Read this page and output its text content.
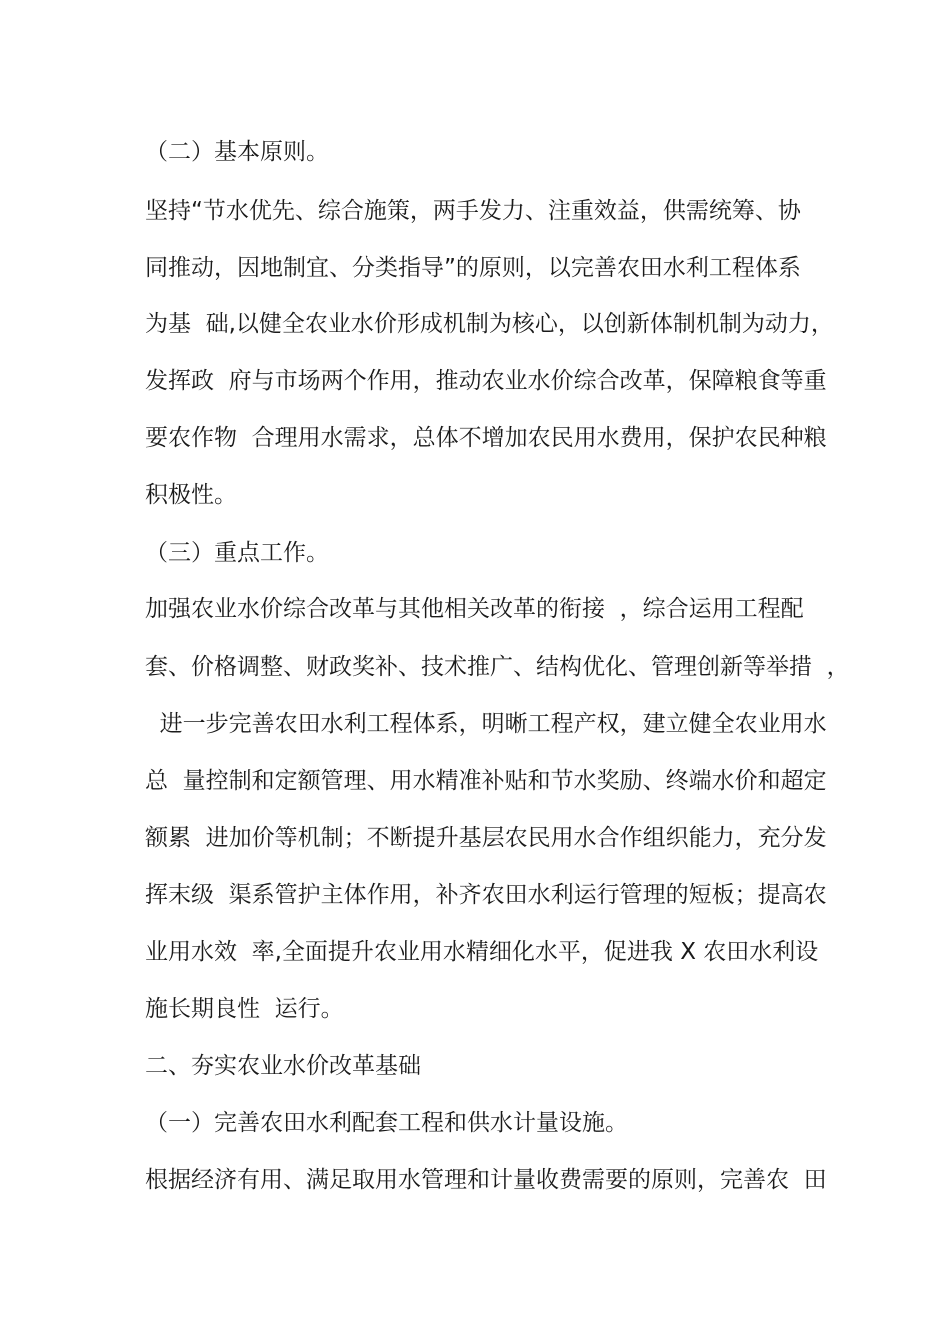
（二）基本原则。
坚持“节水优先、综合施策，两手发力、注重效益，供需统筹、协
同推动，因地制宜、分类指导”的原则，以完善农田水利工程体系
为基  础,以健全农业水价形成机制为核心，以创新体制机制为动力，
发挥政  府与市场两个作用，推动农业水价综合改革，保障粮食等重
要农作物  合理用水需求，总体不增加农民用水费用，保护农民种粮
积极性。
（三）重点工作。
加强农业水价综合改革与其他相关改革的衔接  ，综合运用工程配
套、价格调整、财政奖补、技术推广、结构优化、管理创新等举措  ，
进一步完善农田水利工程体系，明晰工程产权，建立健全农业用水
总  量控制和定额管理、用水精准补贴和节水奖励、终端水价和超定
额累  进加价等机制；不断提升基层农民用水合作组织能力，充分发
挥末级  渠系管护主体作用，补齐农田水利运行管理的短板；提高农
业用水效  率,全面提升农业用水精细化水平，促进我 X 农田水利设
施长期良性  运行。
二、夯实农业水价改革基础
（一）完善农田水利配套工程和供水计量设施。
根据经济有用、满足取用水管理和计量收费需要的原则，完善农  田
